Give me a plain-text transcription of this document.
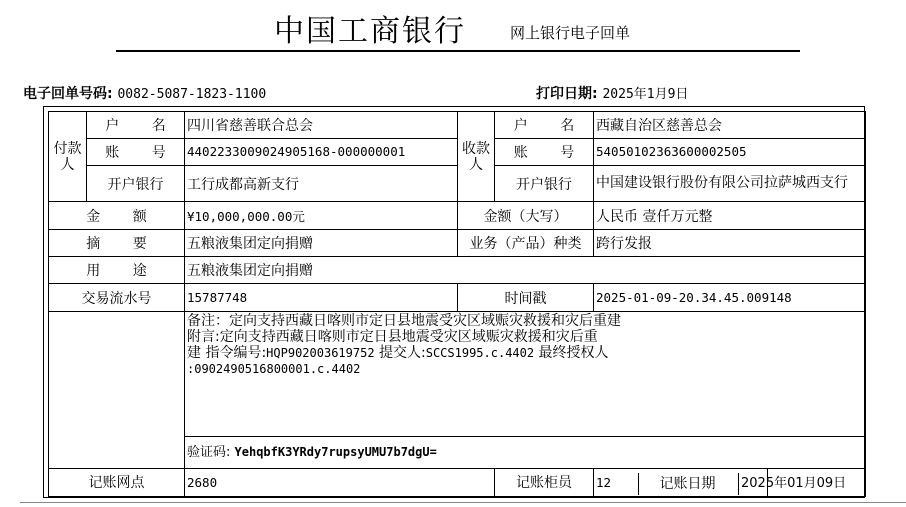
中国工商银行	网上银行电子回单
电子回单号码: 0082-5087-1823-1100	打印日期: 2025年1月9日
付款人	户 名	四川省慈善联合总会	收款人	户 名	西藏自治区慈善总会	
	账 号	4402233009024905168-000000001		账 号	54050102363600002505	
	开户银行	工行成都高新支行		开户银行	中国建设银行股份有限公司拉萨城西支行	
金 额		¥10,000,000.00元	金额（大写）		人民币 壹仟万元整	
摘 要		五粮液集团定向捐赠	业务（产品）种类		跨行发报	
用 途		五粮液集团定向捐赠				
交易流水号		15787748	时间戳		2025-01-09-20.34.45.009148	

		备注：定向支持西藏日喀则市定日县地震受灾区域赈灾救援和灾后重建
附言:定向支持西藏日喀则市定日县地震受灾区域赈灾救援和灾后重
建 指令编号:HQP902003619752 提交人:SCCS1995.c.4402 最终授权人
:0902490516800001.c.4402
验证码: YehqbfK3YRdy7rupsyUMU7b7dgU=				

记账网点		2680		记账柜员	12		记账日期	2025年01月09日
